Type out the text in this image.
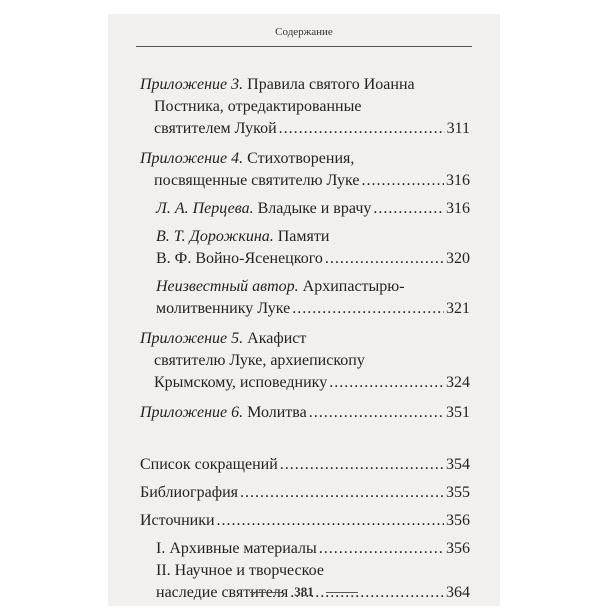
Содержание
Приложение 3.
Правила святого Иоанна
Постника, отредактированные
святителем Лукой .....	311
Приложение 4.
Стихотворения,
посвященные святителю Луке .....	316
Л. А. Перцева.
Владыке и врачу .....	316
В. Т. Дорожкина.
Памяти
В. Ф. Войно-Ясенецкого .....	320
Неизвестный автор.
Архипастырю-
молитвеннику Луке .....	321
Приложение 5.
Акафист
святителю Луке, архиепископу
Крымскому, исповеднику .....	324
Приложение 6.
Молитва .....	351
Список сокращений .....	354
Библиография .....	355
Источники .....	356
I. Архивные материалы .....	356
II. Научное и творческое
наследие святителя .....	364
381
